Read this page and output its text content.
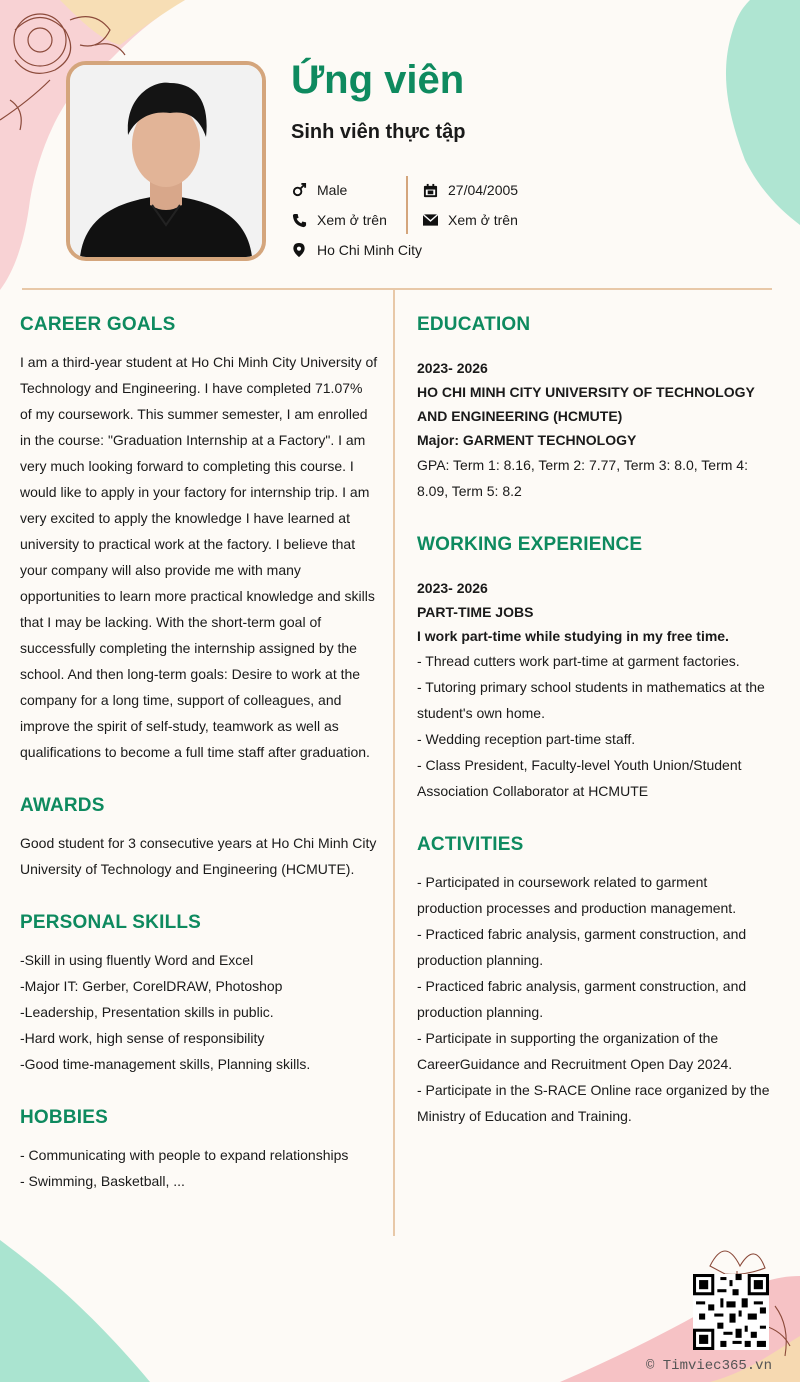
Ứng viên
Sinh viên thực tập
Male
Xem ở trên
Ho Chi Minh City
27/04/2005
Xem ở trên
CAREER GOALS

I am a third-year student at Ho Chi Minh City University of Technology and Engineering. I have completed 71.07% of my coursework. This summer semester, I am enrolled in the course: "Graduation Internship at a Factory". I am very much looking forward to completing this course. I would like to apply in your factory for internship trip. I am very excited to apply the knowledge I have learned at university to practical work at the factory. I believe that your company will also provide me with many opportunities to learn more practical knowledge and skills that I may be lacking. With the short-term goal of successfully completing the internship assigned by the school. And then long-term goals: Desire to work at the company for a long time, support of colleagues, and improve the spirit of self-study, teamwork as well as qualifications to become a full time staff after graduation.

AWARDS

Good student for 3 consecutive years at Ho Chi Minh City University of Technology and Engineering (HCMUTE).

PERSONAL SKILLS

-Skill in using fluently Word and Excel

-Major IT: Gerber, CorelDRAW, Photoshop

-Leadership, Presentation skills in public.

-Hard work, high sense of responsibility

-Good time-management skills, Planning skills.

HOBBIES

- Communicating with people to expand relationships

- Swimming, Basketball, ...

EDUCATION

2023- 2026

HO CHI MINH CITY UNIVERSITY OF TECHNOLOGY AND ENGINEERING (HCMUTE)

Major: GARMENT TECHNOLOGY

GPA: Term 1: 8.16, Term 2: 7.77, Term 3: 8.0, Term 4: 8.09, Term 5: 8.2

WORKING EXPERIENCE

2023- 2026

PART-TIME JOBS

I work part-time while studying in my free time.

- Thread cutters work part-time at garment factories.

- Tutoring primary school students in mathematics at the student's own home.

- Wedding reception part-time staff.

- Class President, Faculty-level Youth Union/Student Association Collaborator at HCMUTE

ACTIVITIES

- Participated in coursework related to garment production processes and production management.

- Practiced fabric analysis, garment construction, and production planning.

- Practiced fabric analysis, garment construction, and production planning.

- Participate in supporting the organization of the CareerGuidance and Recruitment Open Day 2024.

- Participate in the S-RACE Online race organized by the Ministry of Education and Training.

© Timviec365.vn
